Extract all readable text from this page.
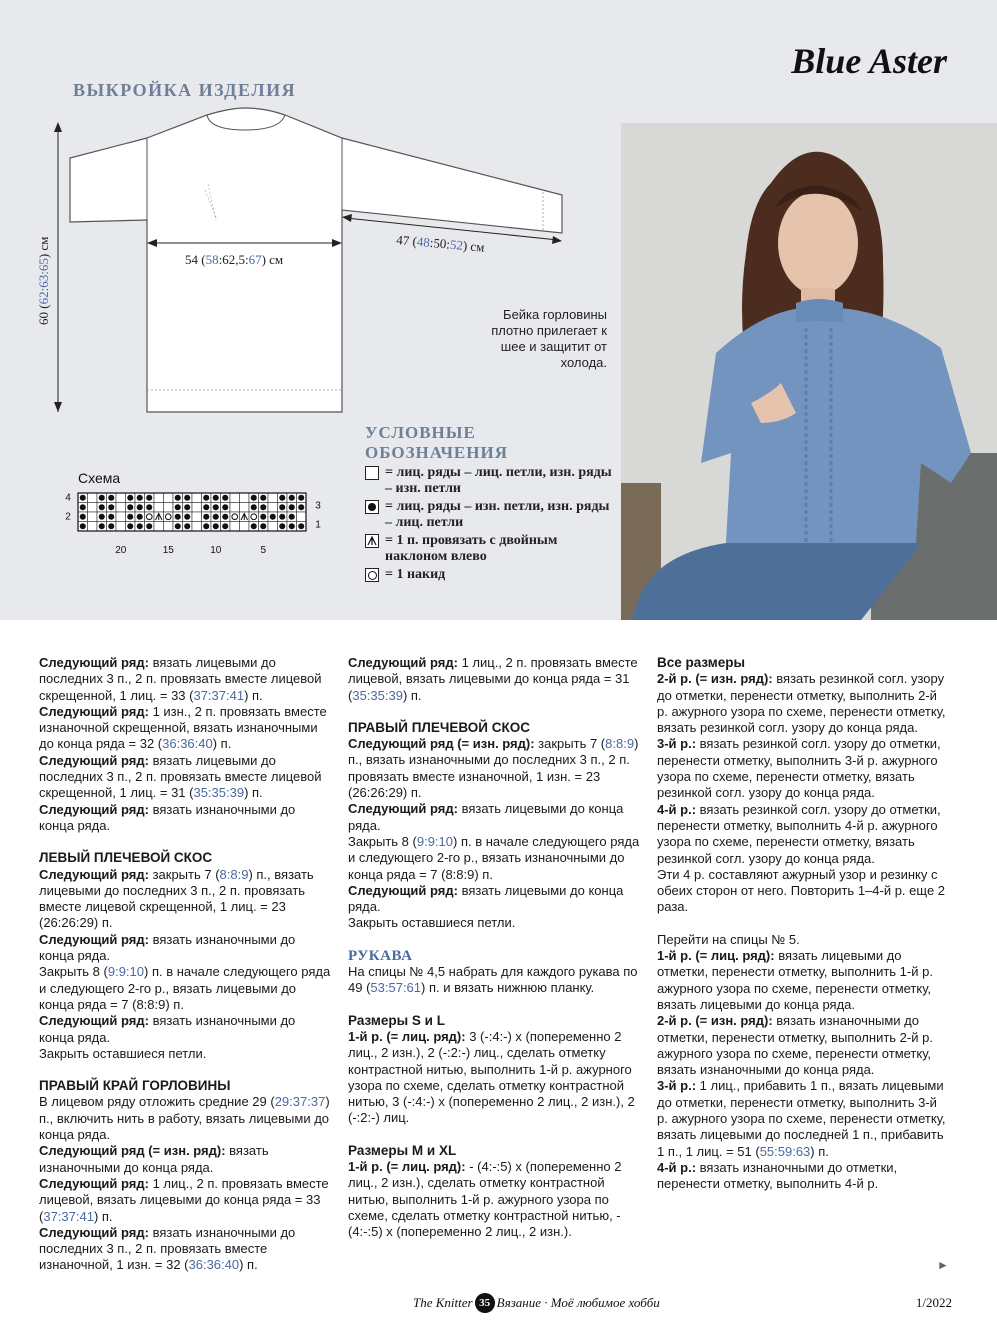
Blue Aster
ВЫКРОЙКА ИЗДЕЛИЯ
60 (62:63:65) см
54 (58:62,5:67) см
47 (48:50:52) см
Бейка горловины плотно прилегает к шее и защитит от холода.
УСЛОВНЫЕ
ОБОЗНАЧЕНИЯ
= лиц. ряды – лиц. петли, изн. ряды – изн. петли
= лиц. ряды – изн. петли, изн. ряды – лиц. петли
= 1 п. провязать с двойным наклоном влево
= 1 накид
Схема
4
2
3
1
20	15	10	5

Следующий ряд: вязать лицевыми до последних 3 п., 2 п. провязать вместе лицевой скрещенной, 1 лиц. = 33 (37:37:41) п.

Следующий ряд: 1 изн., 2 п. провязать вместе изнаночной скрещенной, вязать изнаночными до конца ряда = 32 (36:36:40) п.

Следующий ряд: вязать лицевыми до последних 3 п., 2 п. провязать вместе лицевой скрещенной, 1 лиц. = 31 (35:35:39) п.

Следующий ряд: вязать изнаночными до конца ряда.

ЛЕВЫЙ ПЛЕЧЕВОЙ СКОС

Следующий ряд: закрыть 7 (8:8:9) п., вязать лицевыми до последних 3 п., 2 п. провязать вместе лицевой скрещенной, 1 лиц. = 23 (26:26:29) п.

Следующий ряд: вязать изнаночными до конца ряда.

Закрыть 8 (9:9:10) п. в начале следующего ряда и следующего 2-го р., вязать лицевыми до конца ряда = 7 (8:8:9) п.

Следующий ряд: вязать изнаночными до конца ряда.

Закрыть оставшиеся петли.

ПРАВЫЙ КРАЙ ГОРЛОВИНЫ

В лицевом ряду отложить средние 29 (29:37:37) п., включить нить в работу, вязать лицевыми до конца ряда.

Следующий ряд (= изн. ряд): вязать изнаночными до конца ряда.

Следующий ряд: 1 лиц., 2 п. провязать вместе лицевой, вязать лицевыми до конца ряда = 33 (37:37:41) п.

Следующий ряд: вязать изнаночными до последних 3 п., 2 п. провязать вместе изнаночной, 1 изн. = 32 (36:36:40) п.

Следующий ряд: 1 лиц., 2 п. провязать вместе лицевой, вязать лицевыми до конца ряда = 31 (35:35:39) п.

ПРАВЫЙ ПЛЕЧЕВОЙ СКОС

Следующий ряд (= изн. ряд): закрыть 7 (8:8:9) п., вязать изнаночными до последних 3 п., 2 п. провязать вместе изнаночной, 1 изн. = 23 (26:26:29) п.

Следующий ряд: вязать лицевыми до конца ряда.

Закрыть 8 (9:9:10) п. в начале следующего ряда и следующего 2-го р., вязать изнаночными до конца ряда = 7 (8:8:9) п.

Следующий ряд: вязать лицевыми до конца ряда.

Закрыть оставшиеся петли.

РУКАВА

На спицы № 4,5 набрать для каждого рукава по 49 (53:57:61) п. и вязать нижнюю планку.

Размеры S и L

1-й р. (= лиц. ряд): 3 (-:4:-) x (попеременно 2 лиц., 2 изн.), 2 (-:2:-) лиц., сделать отметку контрастной нитью, выполнить 1-й р. ажурного узора по схеме, сделать отметку контрастной нитью, 3 (-:4:-) x (попеременно 2 лиц., 2 изн.), 2 (-:2:-) лиц.

Размеры M и XL

1-й р. (= лиц. ряд): - (4:-:5) x (попеременно 2 лиц., 2 изн.), сделать отметку контрастной нитью, выполнить 1-й р. ажурного узора по схеме, сделать отметку контрастной нитью, - (4:-:5) x (попеременно 2 лиц., 2 изн.).

Все размеры

2-й р. (= изн. ряд): вязать резинкой согл. узору до отметки, перенести отметку, выполнить 2-й р. ажурного узора по схеме, перенести отметку, вязать резинкой согл. узору до конца ряда.

3-й р.: вязать резинкой согл. узору до отметки, перенести отметку, выполнить 3-й р. ажурного узора по схеме, перенести отметку, вязать резинкой согл. узору до конца ряда.

4-й р.: вязать резинкой согл. узору до отметки, перенести отметку, выполнить 4-й р. ажурного узора по схеме, перенести отметку, вязать резинкой согл. узору до конца ряда.

Эти 4 р. составляют ажурный узор и резинку с обеих сторон от него. Повторить 1–4-й р. еще 2 раза.

Перейти на спицы № 5.

1-й р. (= лиц. ряд): вязать лицевыми до отметки, перенести отметку, выполнить 1-й р. ажурного узора по схеме, перенести отметку, вязать лицевыми до конца ряда.

2-й р. (= изн. ряд): вязать изнаночными до отметки, перенести отметку, выполнить 2-й р. ажурного узора по схеме, перенести отметку, вязать изнаночными до конца ряда.

3-й р.: 1 лиц., прибавить 1 п., вязать лицевыми до отметки, перенести отметку, выполнить 3-й р. ажурного узора по схеме, перенести отметку, вязать лицевыми до последней 1 п., прибавить 1 п., 1 лиц. = 51 (55:59:63) п.

4-й р.: вязать изнаночными до отметки, перенести отметку, выполнить 4-й р.

►
The Knitter 35 Вязание · Моё любимое хобби	1/2022
